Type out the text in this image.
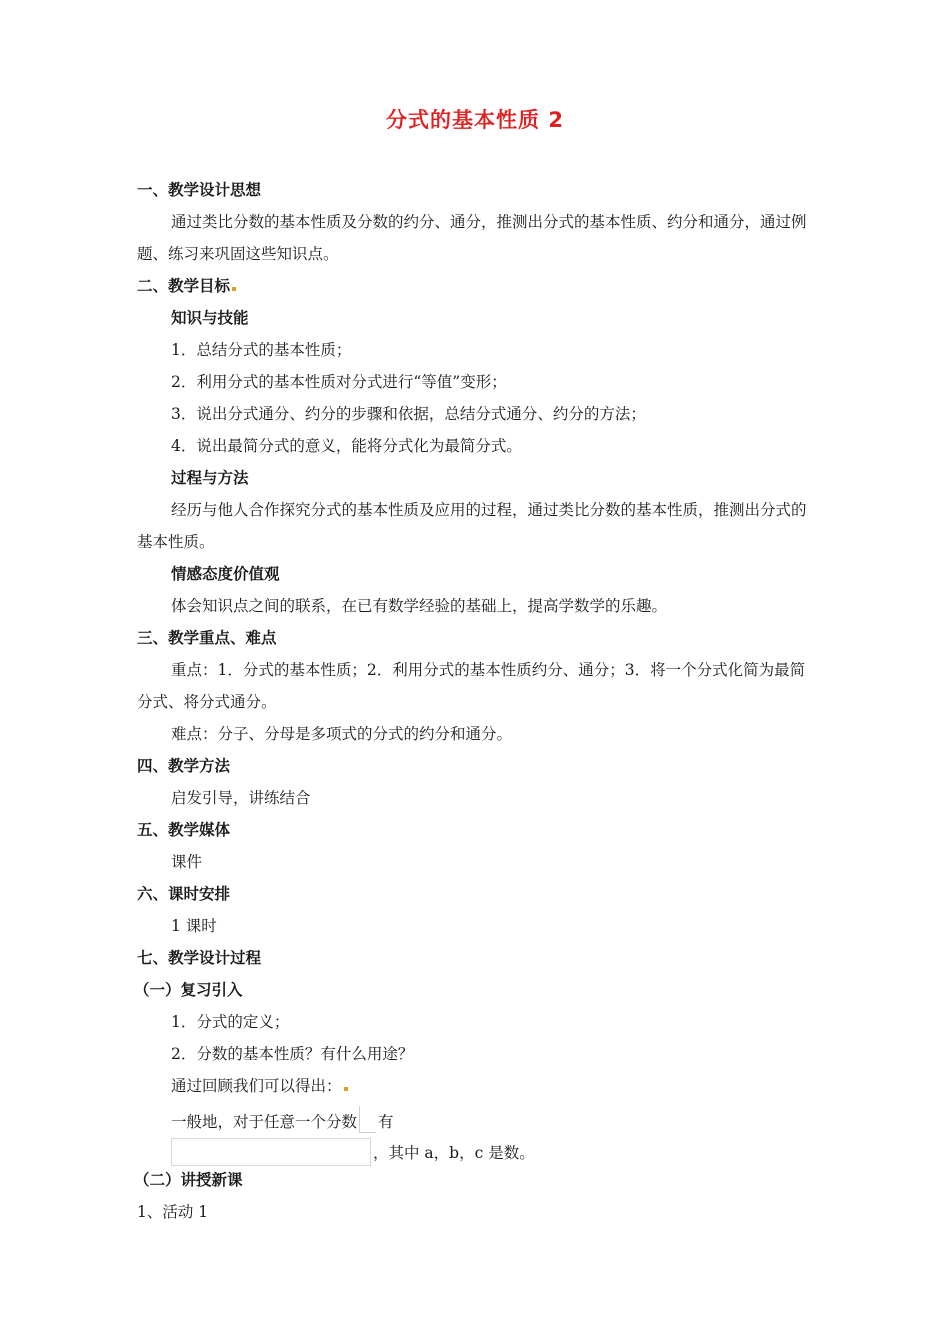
分式的基本性质 2
一、教学设计思想
通过类比分数的基本性质及分数的约分、通分，推测出分式的基本性质、约分和通分，通过例
题、练习来巩固这些知识点。
二、教学目标
知识与技能
1．总结分式的基本性质；
2．利用分式的基本性质对分式进行“等值”变形；
3．说出分式通分、约分的步骤和依据，总结分式通分、约分的方法；
4．说出最简分式的意义，能将分式化为最简分式。
过程与方法
经历与他人合作探究分式的基本性质及应用的过程，通过类比分数的基本性质，推测出分式的
基本性质。
情感态度价值观
体会知识点之间的联系，在已有数学经验的基础上，提高学数学的乐趣。
三、教学重点、难点
重点：1．分式的基本性质；2．利用分式的基本性质约分、通分；3．将一个分式化简为最简
分式、将分式通分。
难点：分子、分母是多项式的分式的约分和通分。
四、教学方法
启发引导，讲练结合
五、教学媒体
课件
六、课时安排
1 课时
七、教学设计过程
（一）复习引入
1．分式的定义；
2．分数的基本性质？有什么用途？
通过回顾我们可以得出：
一般地，对于任意一个分数 有
，其中 a，b，c 是数。
（二）讲授新课
1、活动 1
